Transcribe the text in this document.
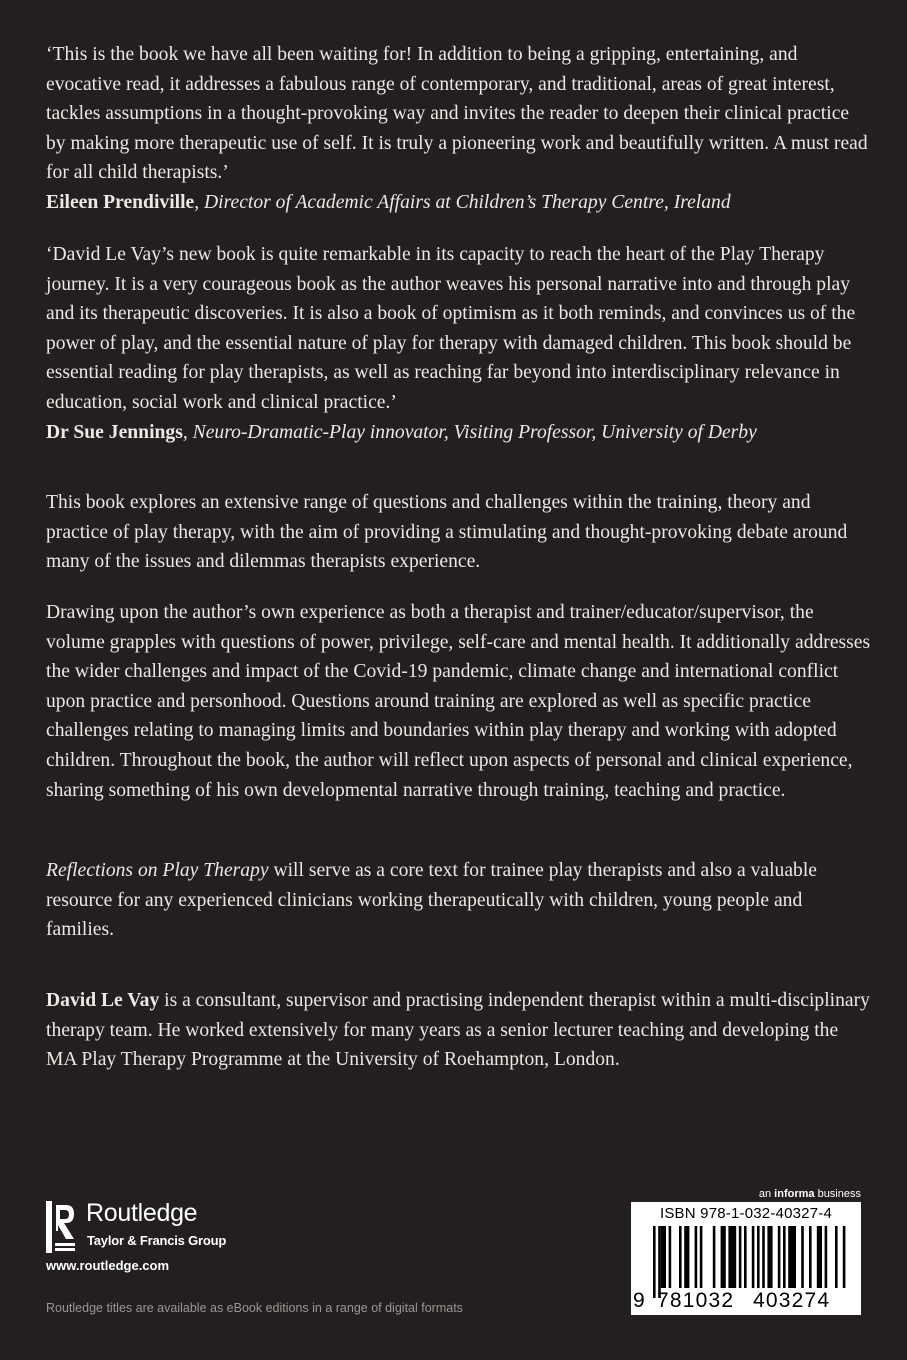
‘This is the book we have all been waiting for! In addition to being a gripping, entertaining, and evocative read, it addresses a fabulous range of contemporary, and traditional, areas of great interest, tackles assumptions in a thought-provoking way and invites the reader to deepen their clinical practice by making more therapeutic use of self. It is truly a pioneering work and beautifully written. A must read for all child therapists.’

Eileen Prendiville, Director of Academic Affairs at Children’s Therapy Centre, Ireland

‘David Le Vay’s new book is quite remarkable in its capacity to reach the heart of the Play Therapy journey. It is a very courageous book as the author weaves his personal narrative into and through play and its therapeutic discoveries. It is also a book of optimism as it both reminds, and convinces us of the power of play, and the essential nature of play for therapy with damaged children. This book should be essential reading for play therapists, as well as reaching far beyond into interdisciplinary relevance in education, social work and clinical practice.’

Dr Sue Jennings, Neuro-Dramatic-Play innovator, Visiting Professor, University of Derby

This book explores an extensive range of questions and challenges within the training, theory and practice of play therapy, with the aim of providing a stimulating and thought-provoking debate around many of the issues and dilemmas therapists experience.

Drawing upon the author’s own experience as both a therapist and trainer/educator/supervisor, the volume grapples with questions of power, privilege, self-care and mental health. It additionally addresses the wider challenges and impact of the Covid-19 pandemic, climate change and international conflict upon practice and personhood. Questions around training are explored as well as specific practice challenges relating to managing limits and boundaries within play therapy and working with adopted children. Throughout the book, the author will reflect upon aspects of personal and clinical experience, sharing something of his own developmental narrative through training, teaching and practice.

Reflections on Play Therapy will serve as a core text for trainee play therapists and also a valuable resource for any experienced clinicians working therapeutically with children, young people and families.

David Le Vay is a consultant, supervisor and practising independent therapist within a multi-disciplinary therapy team. He worked extensively for many years as a senior lecturer teaching and developing the MA Play Therapy Programme at the University of Roehampton, London.

Routledge
Taylor & Francis Group
www.routledge.com
Routledge titles are available as eBook editions in a range of digital formats
an informa business
ISBN 978-1-032-40327-4
9 781032 403274
